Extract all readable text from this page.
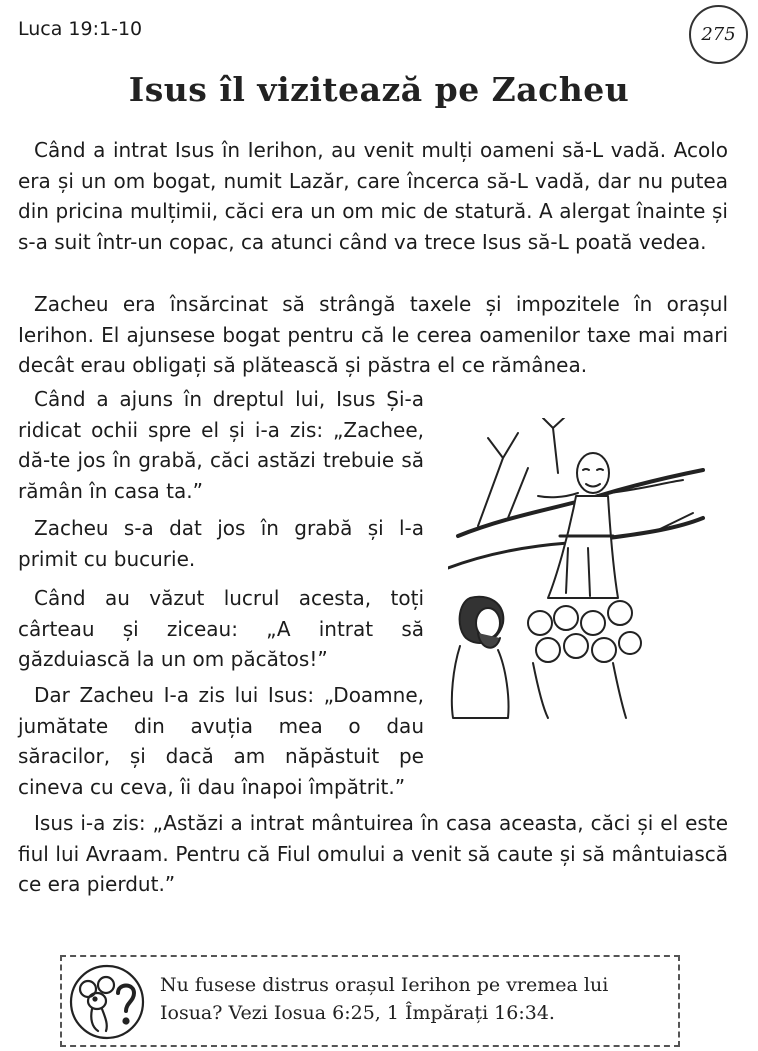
Luca 19:1-10	275
Isus îl vizitează pe Zacheu

Când a intrat Isus în Ierihon, au venit mulți oameni să-L vadă. Acolo era și un om bogat, numit Lazăr, care încerca să-L vadă, dar nu putea din pricina mulțimii, căci era un om mic de statură. A alergat înainte și s-a suit într-un copac, ca atunci când va trece Isus să-L poată vedea.

Zacheu era însărcinat să strângă taxele și impozitele în orașul Ierihon. El ajunsese bogat pentru că le cerea oamenilor taxe mai mari decât erau obligați să plătească și păstra el ce rămânea.

Când a ajuns în dreptul lui, Isus Și-a ridicat ochii spre el și i-a zis: „Zachee, dă-te jos în grabă, căci astăzi trebuie să rămân în casa ta.”

Zacheu s-a dat jos în grabă și l-a primit cu bucurie.

Când au văzut lucrul acesta, toți cârteau și ziceau: „A intrat să găzduiască la un om păcătos!”

Dar Zacheu I-a zis lui Isus: „Doamne, jumătate din avuția mea o dau săracilor, și dacă am năpăstuit pe cineva cu ceva, îi dau înapoi împătrit.”

Isus i-a zis: „Astăzi a intrat mântuirea în casa aceasta, căci și el este fiul lui Avraam. Pentru că Fiul omului a venit să caute și să mântuiască ce era pierdut.”

Nu fusese distrus orașul Ierihon pe vremea lui Iosua? Vezi Iosua 6:25, 1 Împărați 16:34.
